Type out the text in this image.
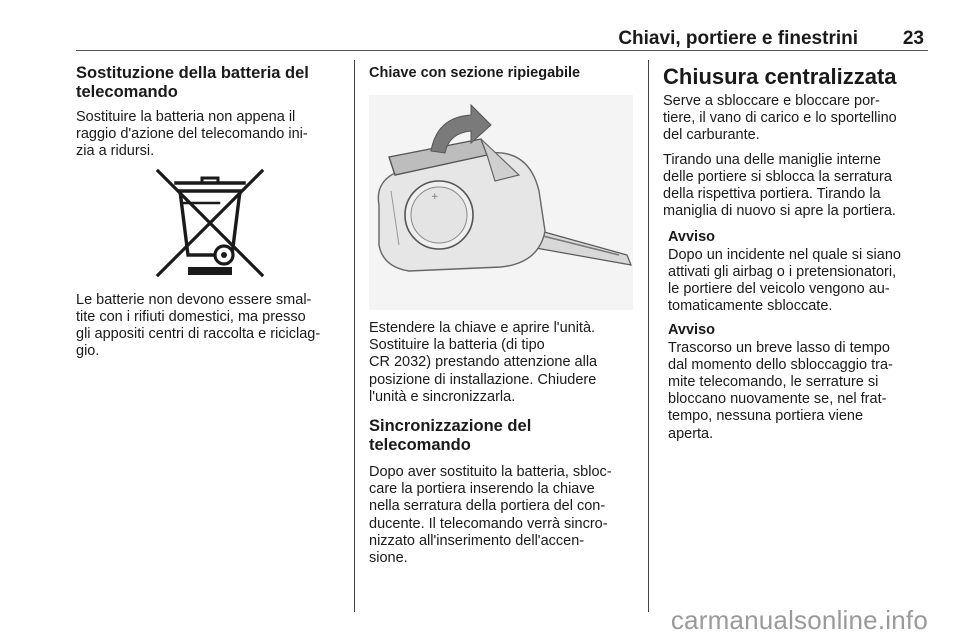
Chiavi, portiere e finestrini 23
Sostituzione della batteria del
telecomando
Sostituire la batteria non appena il
raggio d'azione del telecomando ini-
zia a ridursi.
Le batterie non devono essere smal-
tite con i rifiuti domestici, ma presso
gli appositi centri di raccolta e riciclag-
gio.
Chiave con sezione ripiegabile
+
Estendere la chiave e aprire l'unità.
Sostituire la batteria (di tipo
CR 2032) prestando attenzione alla
posizione di installazione. Chiudere
l'unità e sincronizzarla.
Sincronizzazione del
telecomando
Dopo aver sostituito la batteria, sbloc-
care la portiera inserendo la chiave
nella serratura della portiera del con-
ducente. Il telecomando verrà sincro-
nizzato all'inserimento dell'accen-
sione.
Chiusura centralizzata
Serve a sbloccare e bloccare por-
tiere, il vano di carico e lo sportellino
del carburante.
Tirando una delle maniglie interne
delle portiere si sblocca la serratura
della rispettiva portiera. Tirando la
maniglia di nuovo si apre la portiera.
Avviso
Dopo un incidente nel quale si siano
attivati gli airbag o i pretensionatori,
le portiere del veicolo vengono au-
tomaticamente sbloccate.
Avviso
Trascorso un breve lasso di tempo
dal momento dello sbloccaggio tra-
mite telecomando, le serrature si
bloccano nuovamente se, nel frat-
tempo, nessuna portiera viene
aperta.
carmanualsonline.info
